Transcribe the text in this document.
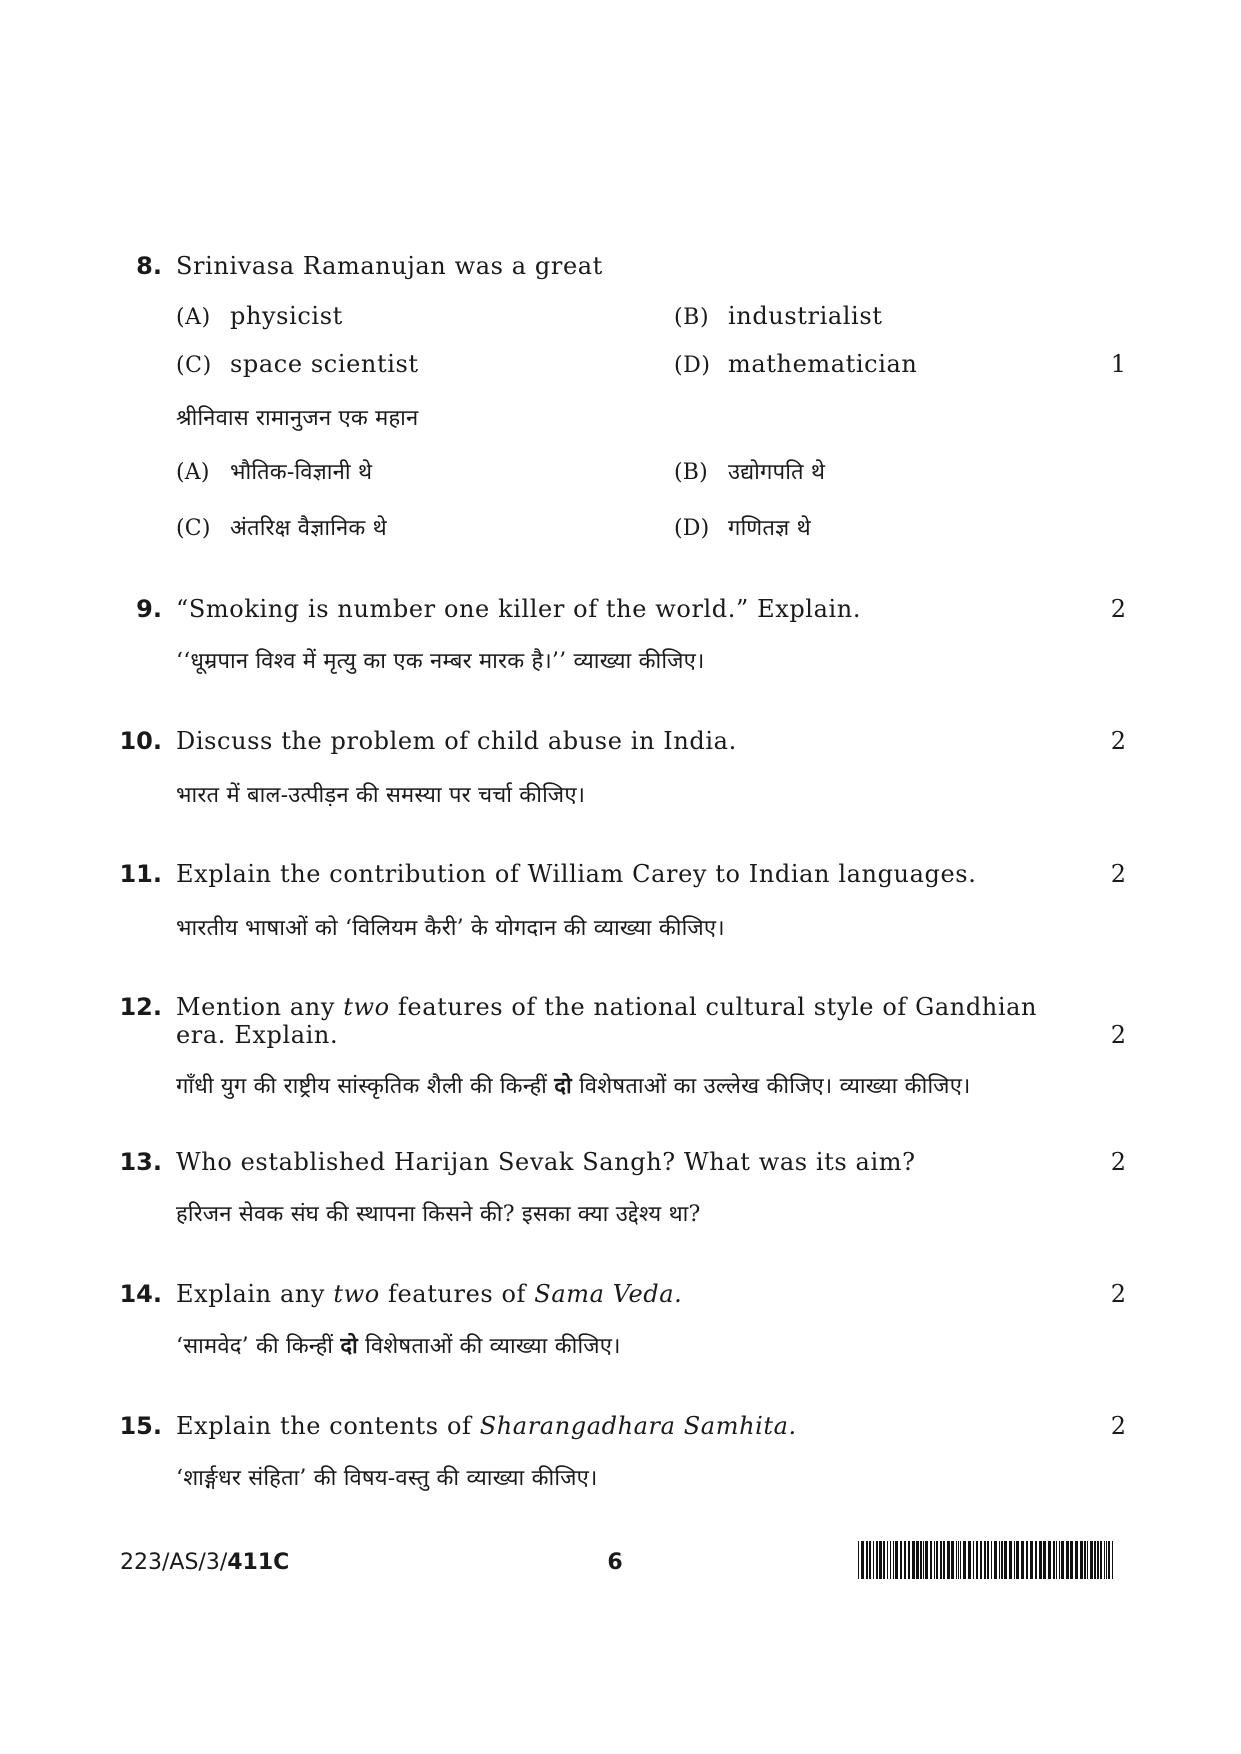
8. Srinivasa Ramanujan was a great
(A) physicist	(B) industrialist
(C) space scientist	(D) mathematician	1
श्रीनिवास रामानुजन एक महान
(A) भौतिक-विज्ञानी थे	(B) उद्योगपति थे
(C) अंतरिक्ष वैज्ञानिक थे	(D) गणितज्ञ थे
9. “Smoking is number one killer of the world.” Explain.	2
‘‘धूम्रपान विश्व में मृत्यु का एक नम्बर मारक है।’’ व्याख्या कीजिए।
10. Discuss the problem of child abuse in India.	2
भारत में बाल-उत्पीड़न की समस्या पर चर्चा कीजिए।
11. Explain the contribution of William Carey to Indian languages.	2
भारतीय भाषाओं को ‘विलियम कैरी’ के योगदान की व्याख्या कीजिए।
12. Mention any two features of the national cultural style of Gandhian era. Explain.	2
गाँधी युग की राष्ट्रीय सांस्कृतिक शैली की किन्हीं दो विशेषताओं का उल्लेख कीजिए। व्याख्या कीजिए।
13. Who established Harijan Sevak Sangh? What was its aim?	2
हरिजन सेवक संघ की स्थापना किसने की? इसका क्या उद्देश्य था?
14. Explain any two features of Sama Veda.	2
‘सामवेद’ की किन्हीं दो विशेषताओं की व्याख्या कीजिए।
15. Explain the contents of Sharangadhara Samhita.	2
‘शार्ङ्गधर संहिता’ की विषय-वस्तु की व्याख्या कीजिए।
223/AS/3/411C	6
